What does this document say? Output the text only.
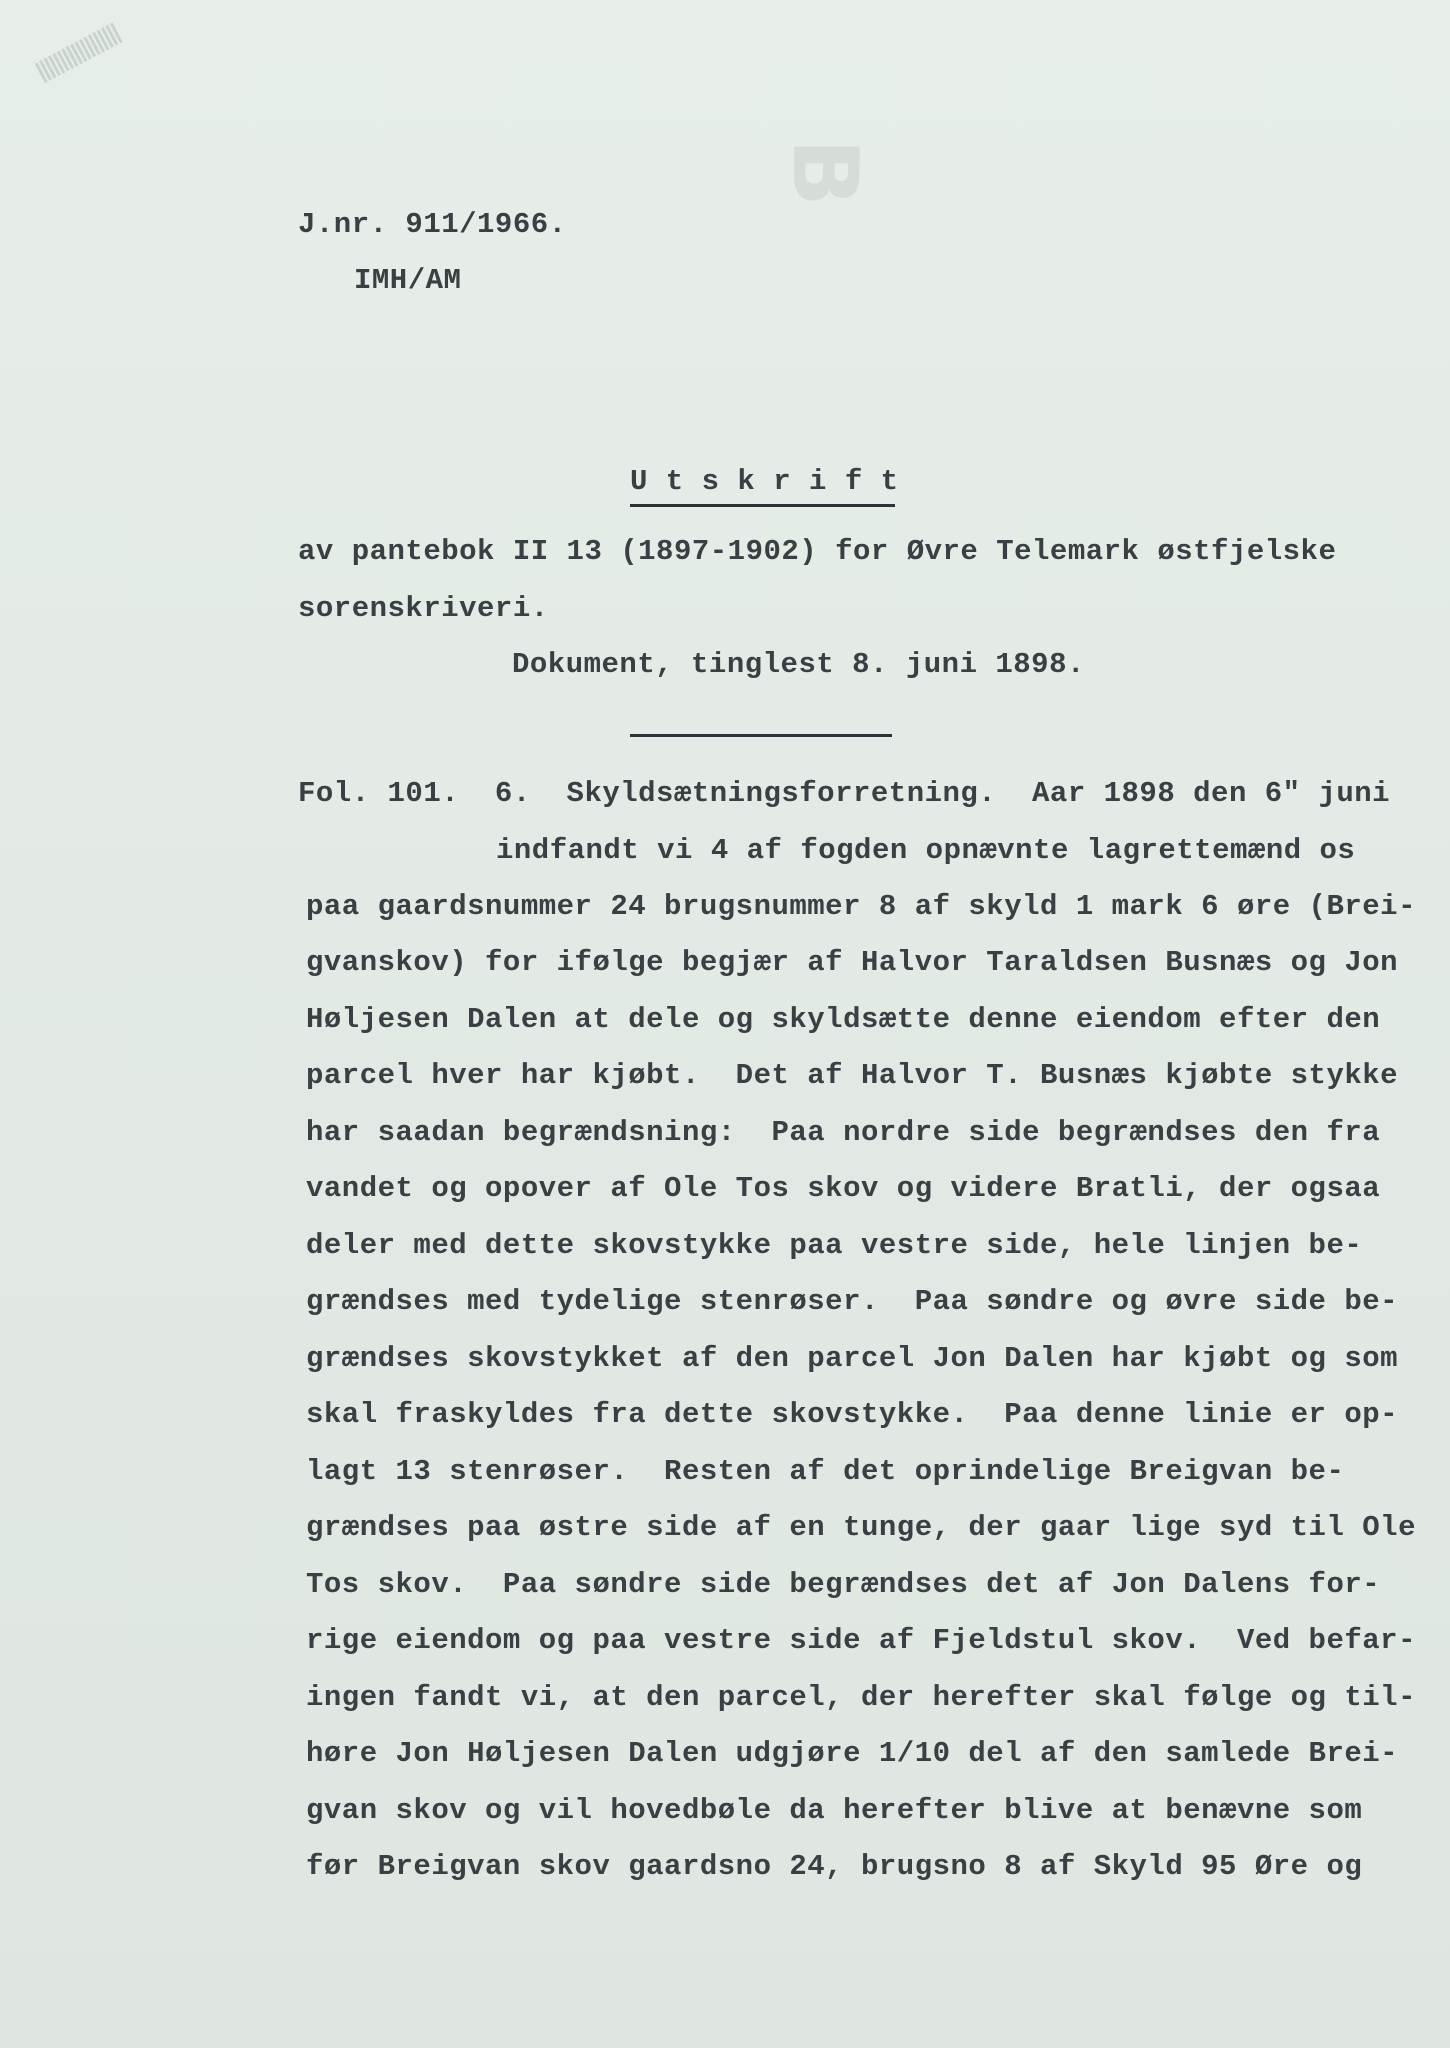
B
J.nr. 911/1966.
IMH/AM
U t s k r i f t
av pantebok II 13 (1897-1902) for Øvre Telemark østfjelske
sorenskriveri.
Dokument, tinglest 8. juni 1898.
Fol. 101.  6.  Skyldsætningsforretning.  Aar 1898 den 6" juni
indfandt vi 4 af fogden opnævnte lagrettemænd os
paa gaardsnummer 24 brugsnummer 8 af skyld 1 mark 6 øre (Brei-
gvanskov) for ifølge begjær af Halvor Taraldsen Busnæs og Jon
Høljesen Dalen at dele og skyldsætte denne eiendom efter den
parcel hver har kjøbt.  Det af Halvor T. Busnæs kjøbte stykke
har saadan begrændsning:  Paa nordre side begrændses den fra
vandet og opover af Ole Tos skov og videre Bratli, der ogsaa
deler med dette skovstykke paa vestre side, hele linjen be-
grændses med tydelige stenrøser.  Paa søndre og øvre side be-
grændses skovstykket af den parcel Jon Dalen har kjøbt og som
skal fraskyldes fra dette skovstykke.  Paa denne linie er op-
lagt 13 stenrøser.  Resten af det oprindelige Breigvan be-
grændses paa østre side af en tunge, der gaar lige syd til Ole
Tos skov.  Paa søndre side begrændses det af Jon Dalens for-
rige eiendom og paa vestre side af Fjeldstul skov.  Ved befar-
ingen fandt vi, at den parcel, der herefter skal følge og til-
høre Jon Høljesen Dalen udgjøre 1/10 del af den samlede Brei-
gvan skov og vil hovedbøle da herefter blive at benævne som
før Breigvan skov gaardsno 24, brugsno 8 af Skyld 95 Øre og
